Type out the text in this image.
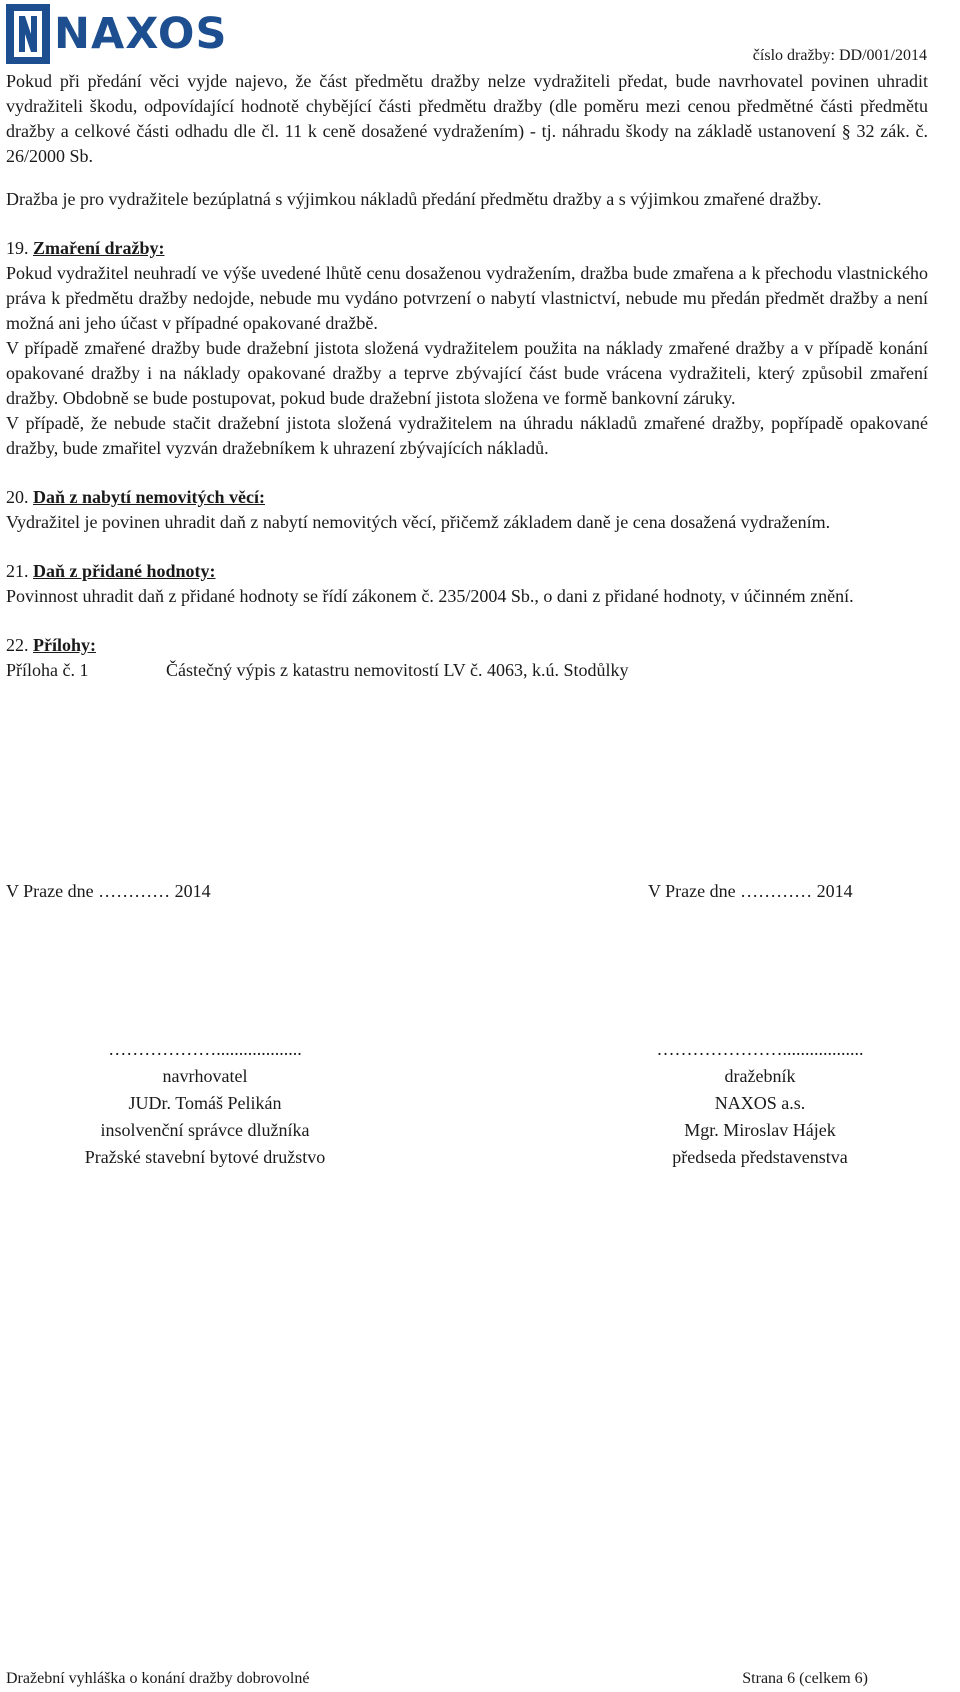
NAXOS	číslo dražby: DD/001/2014

Pokud při předání věci vyjde najevo, že část předmětu dražby nelze vydražiteli předat, bude navrhovatel povinen uhradit vydražiteli škodu, odpovídající hodnotě chybějící části předmětu dražby (dle poměru mezi cenou předmětné části předmětu dražby a celkové části odhadu dle čl. 11 k ceně dosažené vydražením) - tj. náhradu škody na základě ustanovení § 32 zák. č. 26/2000 Sb.

Dražba je pro vydražitele bezúplatná s výjimkou nákladů předání předmětu dražby a s výjimkou zmařené dražby.

19. Zmaření dražby:

Pokud vydražitel neuhradí ve výše uvedené lhůtě cenu dosaženou vydražením, dražba bude zmařena a k přechodu vlastnického práva k předmětu dražby nedojde, nebude mu vydáno potvrzení o nabytí vlastnictví, nebude mu předán předmět dražby a není možná ani jeho účast v případné opakované dražbě.

V případě zmařené dražby bude dražební jistota složená vydražitelem použita na náklady zmařené dražby a v případě konání opakované dražby i na náklady opakované dražby a teprve zbývající část bude vrácena vydražiteli, který způsobil zmaření dražby. Obdobně se bude postupovat, pokud bude dražební jistota složena ve formě bankovní záruky.

V případě, že nebude stačit dražební jistota složená vydražitelem na úhradu nákladů zmařené dražby, popřípadě opakované dražby, bude zmařitel vyzván dražebníkem k uhrazení zbývajících nákladů.

20. Daň z nabytí nemovitých věcí:

Vydražitel je povinen uhradit daň z nabytí nemovitých věcí, přičemž základem daně je cena dosažená vydražením.

21. Daň z přidané hodnoty:

Povinnost uhradit daň z přidané hodnoty se řídí zákonem č. 235/2004 Sb., o dani z přidané hodnoty, v účinném znění.

22. Přílohy:

Příloha č. 1	Částečný výpis z katastru nemovitostí LV č. 4063, k.ú. Stodůlky
V Praze dne ………… 2014	V Praze dne ………… 2014
………………...................
navrhovatel
JUDr. Tomáš Pelikán
insolvenční správce dlužníka
Pražské stavební bytové družstvo
…………………..................
dražebník
NAXOS a.s.
Mgr. Miroslav Hájek
předseda představenstva
Dražební vyhláška o konání dražby dobrovolné	Strana 6 (celkem 6)
